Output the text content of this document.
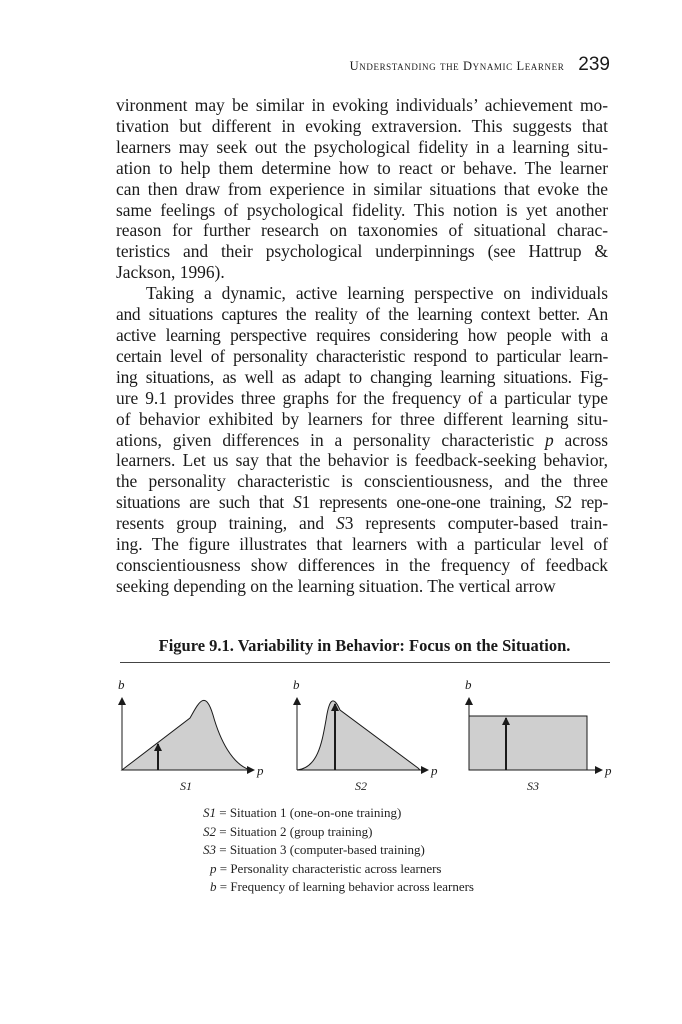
Understanding the Dynamic Learner 239

vironment may be similar in evoking individuals’ achievement mo-

tivation but different in evoking extraversion. This suggests that

learners may seek out the psychological fidelity in a learning situ-

ation to help them determine how to react or behave. The learner

can then draw from experience in similar situations that evoke the

same feelings of psychological fidelity. This notion is yet another

reason for further research on taxonomies of situational charac-

teristics and their psychological underpinnings (see Hattrup &

Jackson, 1996).

Taking a dynamic, active learning perspective on individuals

and situations captures the reality of the learning context better. An

active learning perspective requires considering how people with a

certain level of personality characteristic respond to particular learn-

ing situations, as well as adapt to changing learning situations. Fig-

ure 9.1 provides three graphs for the frequency of a particular type

of behavior exhibited by learners for three different learning situ-

ations, given differences in a personality characteristic p across

learners. Let us say that the behavior is feedback-seeking behavior,

the personality characteristic is conscientiousness, and the three

situations are such that S1 represents one-one-one training, S2 rep-

resents group training, and S3 represents computer-based train-

ing. The figure illustrates that learners with a particular level of

conscientiousness show differences in the frequency of feedback

seeking depending on the learning situation. The vertical arrow

Figure 9.1. Variability in Behavior: Focus on the Situation.
b
p
S1
b
p
S2
b
p
S3
S1 = Situation 1 (one-on-one training)
S2 = Situation 2 (group training)
S3 = Situation 3 (computer-based training)
p = Personality characteristic across learners
b = Frequency of learning behavior across learners
